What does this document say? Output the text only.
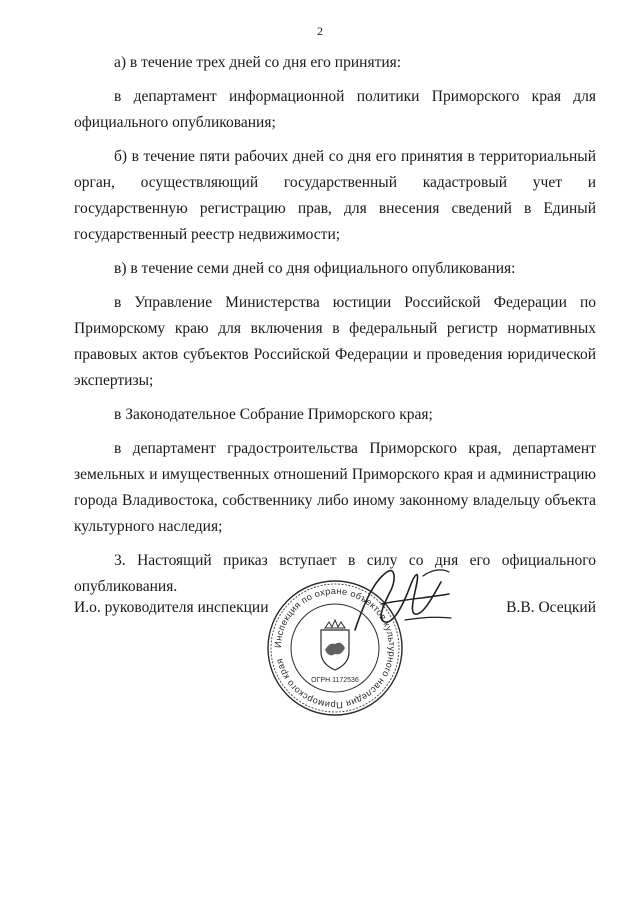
2

а) в течение трех дней со дня его принятия:

в департамент информационной политики Приморского края для официального опубликования;

б) в течение пяти рабочих дней со дня его принятия в территориальный орган, осуществляющий государственный кадастровый учет и государственную регистрацию прав, для внесения сведений в Единый государственный реестр недвижимости;

в) в течение семи дней со дня официального опубликования:

в Управление Министерства юстиции Российской Федерации по Приморскому краю для включения в федеральный регистр нормативных правовых актов субъектов Российской Федерации и проведения юридической экспертизы;

в Законодательное Собрание Приморского края;

в департамент градостроительства Приморского края, департамент земельных и имущественных отношений Приморского края и администрацию города Владивостока, собственнику либо иному законному владельцу объекта культурного наследия;

3. Настоящий приказ вступает в силу со дня его официального опубликования.

И.о. руководителя инспекции	В.В. Осецкий
Инспекция по охране объектов культурного наследия Приморского края
ОГРН 1172536
